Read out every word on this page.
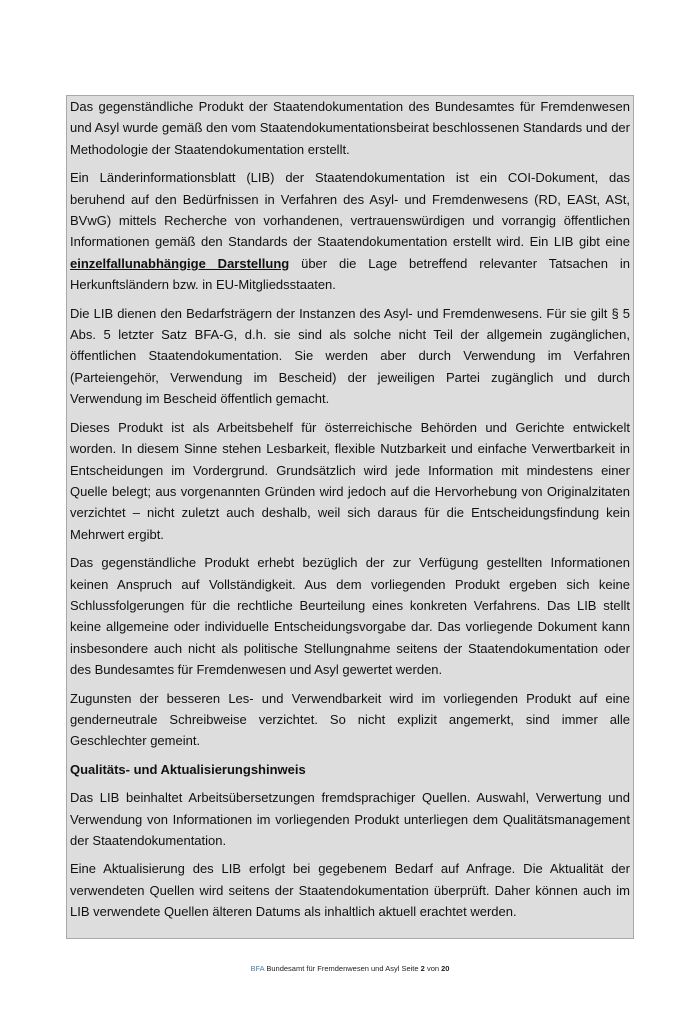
Das gegenständliche Produkt der Staatendokumentation des Bundesamtes für Fremdenwesen und Asyl wurde gemäß den vom Staatendokumentationsbeirat beschlossenen Standards und der Methodologie der Staatendokumentation erstellt.

Ein Länderinformationsblatt (LIB) der Staatendokumentation ist ein COI-Dokument, das beruhend auf den Bedürfnissen in Verfahren des Asyl- und Fremdenwesens (RD, EASt, ASt, BVwG) mittels Recherche von vorhandenen, vertrauenswürdigen und vorrangig öffentlichen Informationen gemäß den Standards der Staatendokumentation erstellt wird. Ein LIB gibt eine einzelfallunabhängige Darstellung über die Lage betreffend relevanter Tatsachen in Herkunftsländern bzw. in EU-Mitgliedsstaaten.

Die LIB dienen den Bedarfsträgern der Instanzen des Asyl- und Fremdenwesens. Für sie gilt § 5 Abs. 5 letzter Satz BFA-G, d.h. sie sind als solche nicht Teil der allgemein zugänglichen, öffentlichen Staatendokumentation. Sie werden aber durch Verwendung im Verfahren (Parteiengehör, Verwendung im Bescheid) der jeweiligen Partei zugänglich und durch Verwendung im Bescheid öffentlich gemacht.

Dieses Produkt ist als Arbeitsbehelf für österreichische Behörden und Gerichte entwickelt worden. In diesem Sinne stehen Lesbarkeit, flexible Nutzbarkeit und einfache Verwertbarkeit in Entscheidungen im Vordergrund. Grundsätzlich wird jede Information mit mindestens einer Quelle belegt; aus vorgenannten Gründen wird jedoch auf die Hervorhebung von Originalzitaten verzichtet – nicht zuletzt auch deshalb, weil sich daraus für die Entscheidungsfindung kein Mehrwert ergibt.

Das gegenständliche Produkt erhebt bezüglich der zur Verfügung gestellten Informationen keinen Anspruch auf Vollständigkeit. Aus dem vorliegenden Produkt ergeben sich keine Schlussfolgerungen für die rechtliche Beurteilung eines konkreten Verfahrens. Das LIB stellt keine allgemeine oder individuelle Entscheidungsvorgabe dar. Das vorliegende Dokument kann insbesondere auch nicht als politische Stellungnahme seitens der Staatendokumentation oder des Bundesamtes für Fremdenwesen und Asyl gewertet werden.

Zugunsten der besseren Les- und Verwendbarkeit wird im vorliegenden Produkt auf eine genderneutrale Schreibweise verzichtet. So nicht explizit angemerkt, sind immer alle Geschlechter gemeint.

Qualitäts- und Aktualisierungshinweis

Das LIB beinhaltet Arbeitsübersetzungen fremdsprachiger Quellen. Auswahl, Verwertung und Verwendung von Informationen im vorliegenden Produkt unterliegen dem Qualitätsmanagement der Staatendokumentation.

Eine Aktualisierung des LIB erfolgt bei gegebenem Bedarf auf Anfrage. Die Aktualität der verwendeten Quellen wird seitens der Staatendokumentation überprüft. Daher können auch im LIB verwendete Quellen älteren Datums als inhaltlich aktuell erachtet werden.

BFA Bundesamt für Fremdenwesen und Asyl Seite 2 von 20
